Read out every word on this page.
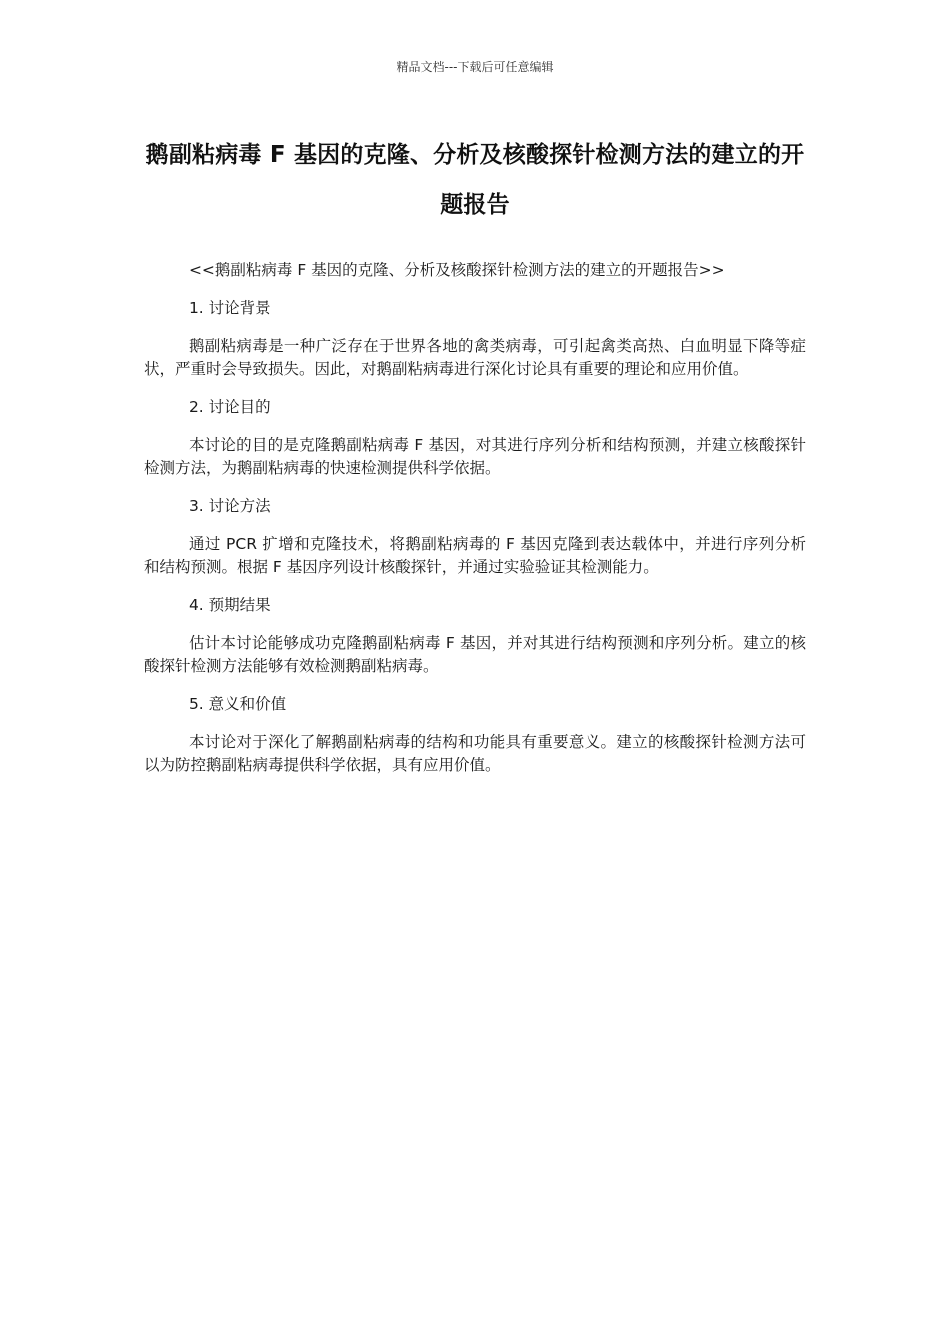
精品文档---下载后可任意编辑
鹅副粘病毒 F 基因的克隆、分析及核酸探针检测方法的建立的开题报告

<<鹅副粘病毒 F 基因的克隆、分析及核酸探针检测方法的建立的开题报告>>

1. 讨论背景

鹅副粘病毒是一种广泛存在于世界各地的禽类病毒，可引起禽类高热、白血明显下降等症状，严重时会导致损失。因此，对鹅副粘病毒进行深化讨论具有重要的理论和应用价值。

2. 讨论目的

本讨论的目的是克隆鹅副粘病毒 F 基因，对其进行序列分析和结构预测，并建立核酸探针检测方法，为鹅副粘病毒的快速检测提供科学依据。

3. 讨论方法

通过 PCR 扩增和克隆技术，将鹅副粘病毒的 F 基因克隆到表达载体中，并进行序列分析和结构预测。根据 F 基因序列设计核酸探针，并通过实验验证其检测能力。

4. 预期结果

估计本讨论能够成功克隆鹅副粘病毒 F 基因，并对其进行结构预测和序列分析。建立的核酸探针检测方法能够有效检测鹅副粘病毒。

5. 意义和价值

本讨论对于深化了解鹅副粘病毒的结构和功能具有重要意义。建立的核酸探针检测方法可以为防控鹅副粘病毒提供科学依据，具有应用价值。
